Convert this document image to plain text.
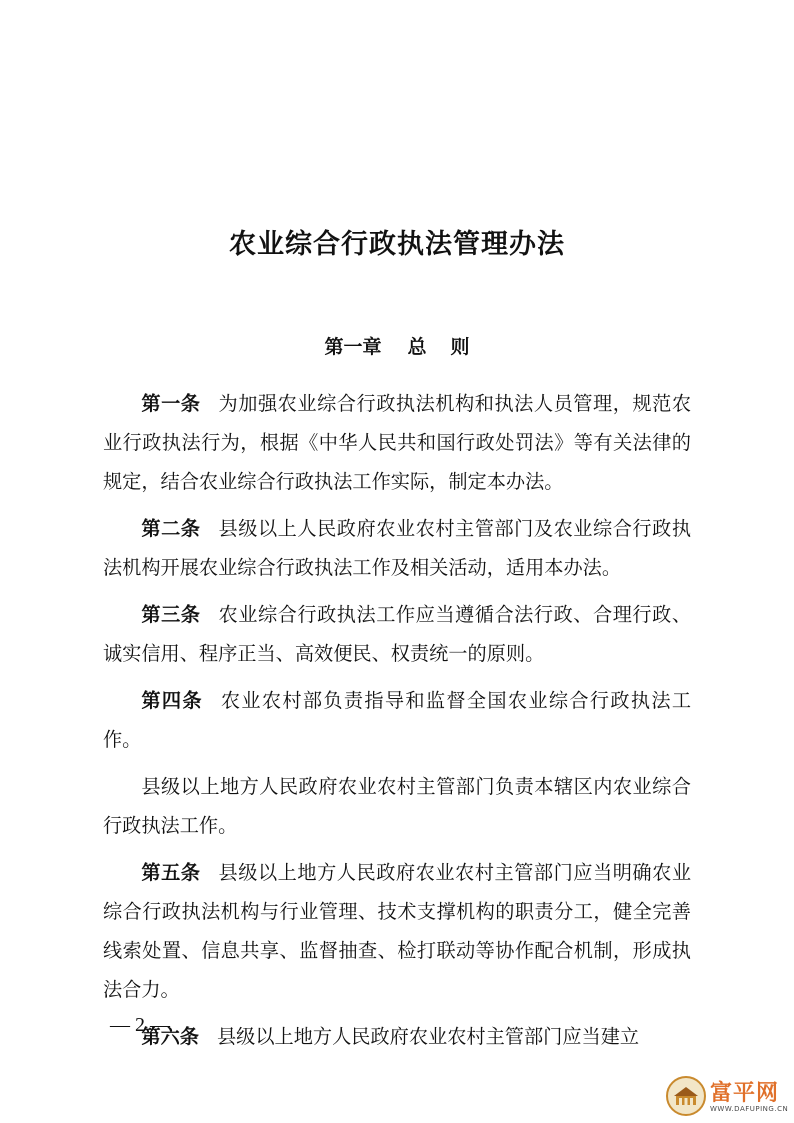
农业综合行政执法管理办法
第一章 总 则

第一条 为加强农业综合行政执法机构和执法人员管理，规范农业行政执法行为，根据《中华人民共和国行政处罚法》等有关法律的规定，结合农业综合行政执法工作实际，制定本办法。

第二条 县级以上人民政府农业农村主管部门及农业综合行政执法机构开展农业综合行政执法工作及相关活动，适用本办法。

第三条 农业综合行政执法工作应当遵循合法行政、合理行政、诚实信用、程序正当、高效便民、权责统一的原则。

第四条 农业农村部负责指导和监督全国农业综合行政执法工作。

县级以上地方人民政府农业农村主管部门负责本辖区内农业综合行政执法工作。

第五条 县级以上地方人民政府农业农村主管部门应当明确农业综合行政执法机构与行业管理、技术支撑机构的职责分工，健全完善线索处置、信息共享、监督抽查、检打联动等协作配合机制，形成执法合力。

第六条 县级以上地方人民政府农业农村主管部门应当建立

— 2 —
富平网
WWW.DAFUPING.CN
